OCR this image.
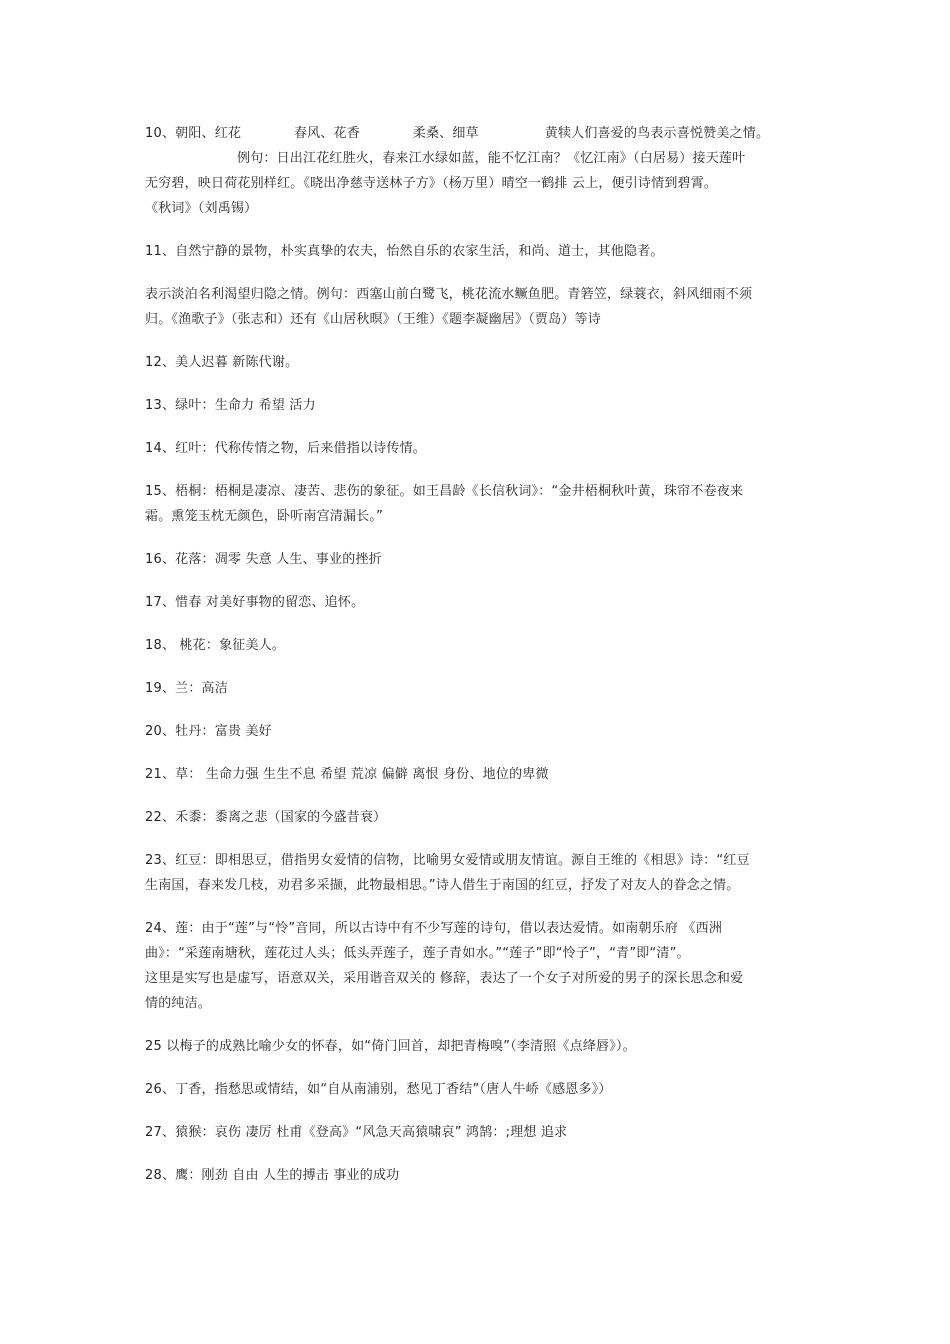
10、朝阳、红花　　　　春风、花香　　　　柔桑、细草　　　　　黄犊人们喜爱的鸟表示喜悦赞美之情。
例句：日出江花红胜火，春来江水绿如蓝，能不忆江南？《忆江南》（白居易）接天莲叶
无穷碧，映日荷花别样红。《晓出净慈寺送林子方》（杨万里）晴空一鹤排 云上，便引诗情到碧霄。
《秋词》（刘禹锡）
11、自然宁静的景物，朴实真挚的农夫，怡然自乐的农家生活，和尚、道士，其他隐者。
表示淡泊名利渴望归隐之情。例句：西塞山前白鹭飞，桃花流水鳜鱼肥。青箬笠，绿蓑衣，斜风细雨不须
归。《渔歌子》（张志和）还有《山居秋暝》（王维）《题李凝幽居》（贾岛）等诗
12、美人迟暮 新陈代谢。
13、绿叶：生命力 希望 活力
14、红叶：代称传情之物，后来借指以诗传情。
15、梧桐：梧桐是凄凉、凄苦、悲伤的象征。如王昌龄《长信秋词》：“金井梧桐秋叶黄，珠帘不卷夜来
霜。熏笼玉枕无颜色，卧听南宫清漏长。”
16、花落：凋零 失意 人生、事业的挫折
17、惜春 对美好事物的留恋、追怀。
18、 桃花：象征美人。
19、兰：高洁
20、牡丹：富贵 美好
21、草： 生命力强 生生不息 希望 荒凉 偏僻 离恨 身份、地位的卑微
22、禾黍：黍离之悲（国家的今盛昔衰）
23、红豆：即相思豆，借指男女爱情的信物，比喻男女爱情或朋友情谊。源自王维的《相思》诗：“红豆
生南国，春来发几枝，劝君多采撷，此物最相思。”诗人借生于南国的红豆，抒发了对友人的眷念之情。
24、莲：由于“莲”与“怜”音同，所以古诗中有不少写莲的诗句，借以表达爱情。如南朝乐府 《西洲
曲》：“采莲南塘秋，莲花过人头；低头弄莲子，莲子青如水。”“莲子”即“怜子”，“青”即“清”。
这里是实写也是虚写，语意双关，采用谐音双关的 修辞，表达了一个女子对所爱的男子的深长思念和爱
情的纯洁。
25 以梅子的成熟比喻少女的怀春，如“倚门回首，却把青梅嗅”（李清照《点绛唇》）。
26、丁香，指愁思或情结，如“自从南浦别，愁见丁香结”（唐人牛峤《感恩多》）
27、猿猴：哀伤 凄厉 杜甫《登高》“风急天高猿啸哀” 鸿鹄：;理想 追求
28、鹰：刚劲 自由 人生的搏击 事业的成功
